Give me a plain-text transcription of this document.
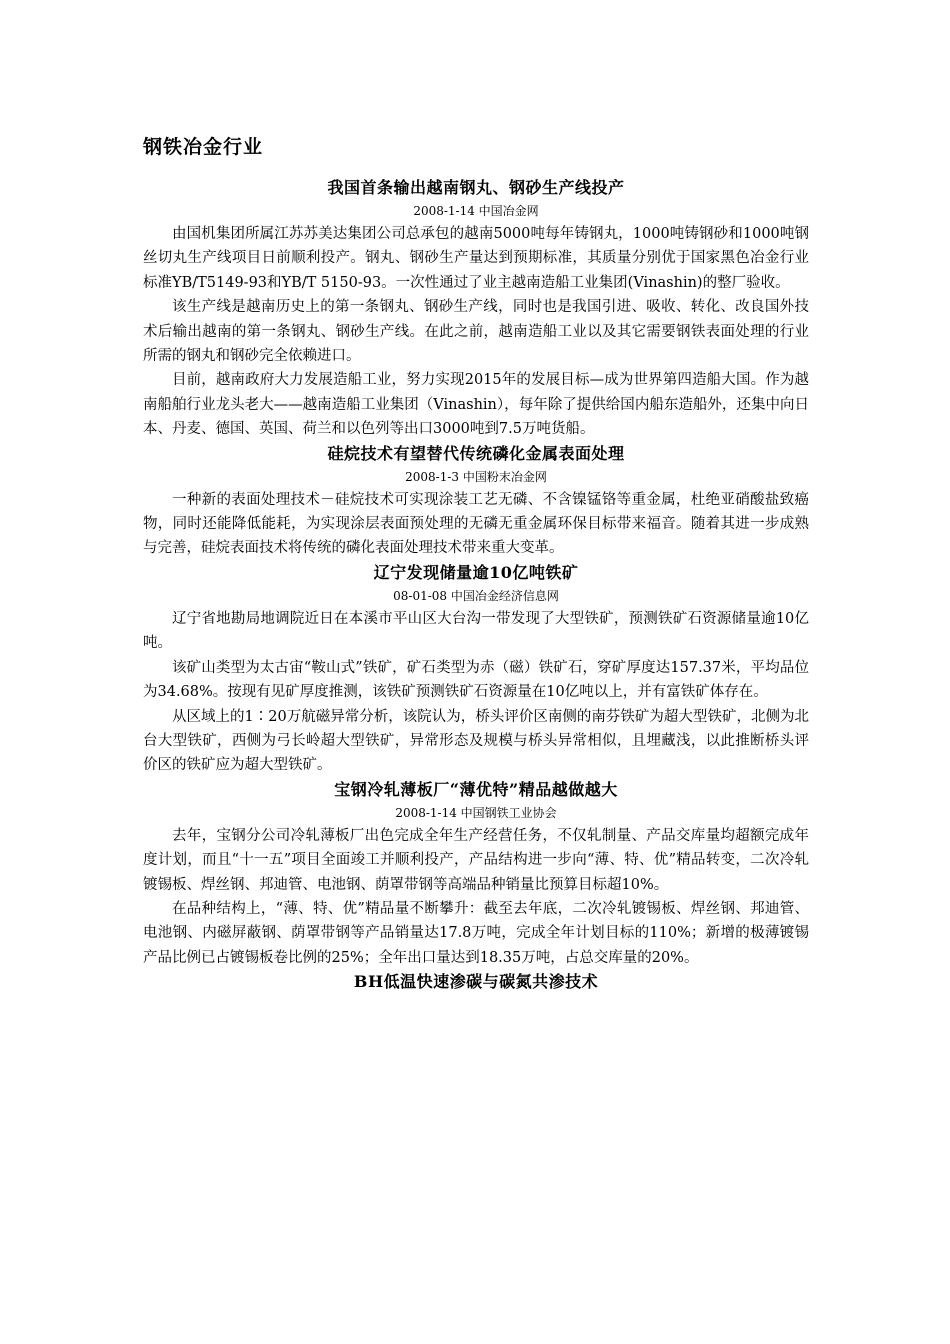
钢铁冶金行业
我国首条输出越南钢丸、钢砂生产线投产

2008-1-14 中国冶金网

由国机集团所属江苏苏美达集团公司总承包的越南5000吨每年铸钢丸，1000吨铸钢砂和1000吨钢丝切丸生产线项目日前顺利投产。钢丸、钢砂生产量达到预期标准，其质量分别优于国家黑色冶金行业标准YB/T5149-93和YB/T 5150-93。一次性通过了业主越南造船工业集团(Vinashin)的整厂验收。

该生产线是越南历史上的第一条钢丸、钢砂生产线，同时也是我国引进、吸收、转化、改良国外技术后输出越南的第一条钢丸、钢砂生产线。在此之前，越南造船工业以及其它需要钢铁表面处理的行业所需的钢丸和钢砂完全依赖进口。

目前，越南政府大力发展造船工业，努力实现2015年的发展目标—成为世界第四造船大国。作为越南船舶行业龙头老大——越南造船工业集团（Vinashin），每年除了提供给国内船东造船外，还集中向日本、丹麦、德国、英国、荷兰和以色列等出口3000吨到7.5万吨货船。

硅烷技术有望替代传统磷化金属表面处理

2008-1-3 中国粉末冶金网

一种新的表面处理技术－硅烷技术可实现涂装工艺无磷、不含镍锰铬等重金属，杜绝亚硝酸盐致癌物，同时还能降低能耗，为实现涂层表面预处理的无磷无重金属环保目标带来福音。随着其进一步成熟与完善，硅烷表面技术将传统的磷化表面处理技术带来重大变革。

辽宁发现储量逾10亿吨铁矿

08-01-08 中国冶金经济信息网

辽宁省地勘局地调院近日在本溪市平山区大台沟一带发现了大型铁矿，预测铁矿石资源储量逾10亿吨。

该矿山类型为太古宙“鞍山式”铁矿，矿石类型为赤（磁）铁矿石，穿矿厚度达157.37米，平均品位为34.68%。按现有见矿厚度推测，该铁矿预测铁矿石资源量在10亿吨以上，并有富铁矿体存在。

从区域上的1∶20万航磁异常分析，该院认为，桥头评价区南侧的南芬铁矿为超大型铁矿，北侧为北台大型铁矿，西侧为弓长岭超大型铁矿，异常形态及规模与桥头异常相似，且埋藏浅，以此推断桥头评价区的铁矿应为超大型铁矿。

宝钢冷轧薄板厂“薄优特”精品越做越大

2008-1-14 中国钢铁工业协会

去年，宝钢分公司冷轧薄板厂出色完成全年生产经营任务，不仅轧制量、产品交库量均超额完成年度计划，而且“十一五”项目全面竣工并顺利投产，产品结构进一步向“薄、特、优”精品转变，二次冷轧镀锡板、焊丝钢、邦迪管、电池钢、荫罩带钢等高端品种销量比预算目标超10%。

在品种结构上，“薄、特、优”精品量不断攀升：截至去年底，二次冷轧镀锡板、焊丝钢、邦迪管、电池钢、内磁屏蔽钢、荫罩带钢等产品销量达17.8万吨，完成全年计划目标的110%；新增的极薄镀锡产品比例已占镀锡板卷比例的25%；全年出口量达到18.35万吨，占总交库量的20%。

BH低温快速渗碳与碳氮共渗技术
